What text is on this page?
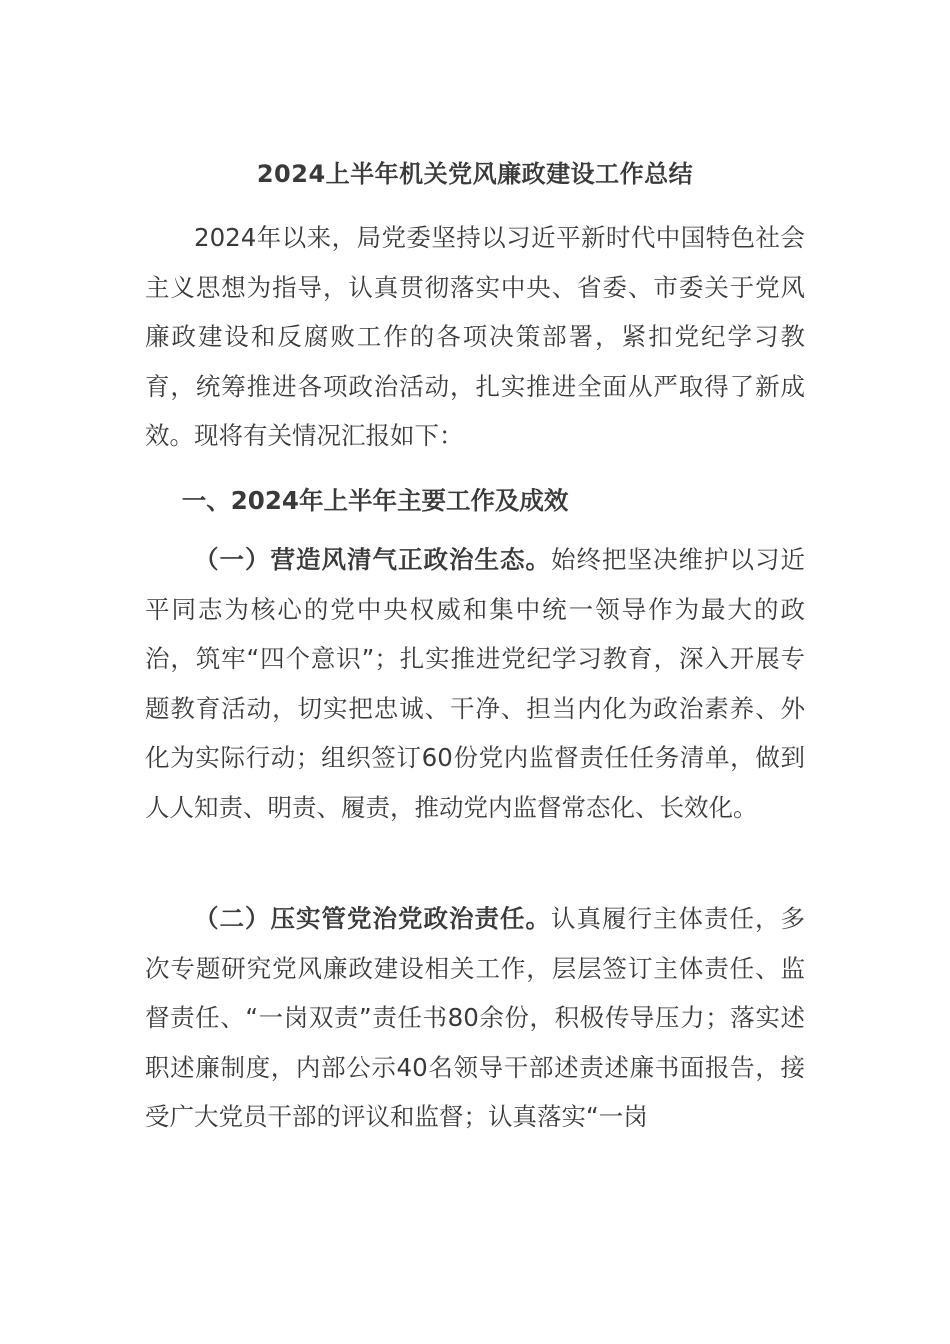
2024上半年机关党风廉政建设工作总结

2024年以来，局党委坚持以习近平新时代中国特色社会主义思想为指导，认真贯彻落实中央、省委、市委关于党风廉政建设和反腐败工作的各项决策部署，紧扣党纪学习教育，统筹推进各项政治活动，扎实推进全面从严取得了新成效。现将有关情况汇报如下：

一、2024年上半年主要工作及成效

（一）营造风清气正政治生态。始终把坚决维护以习近平同志为核心的党中央权威和集中统一领导作为最大的政治，筑牢“四个意识”；扎实推进党纪学习教育，深入开展专题教育活动，切实把忠诚、干净、担当内化为政治素养、外化为实际行动；组织签订60份党内监督责任任务清单，做到人人知责、明责、履责，推动党内监督常态化、长效化。

（二）压实管党治党政治责任。认真履行主体责任，多次专题研究党风廉政建设相关工作，层层签订主体责任、监督责任、“一岗双责”责任书80余份，积极传导压力；落实述职述廉制度，内部公示40名领导干部述责述廉书面报告，接受广大党员干部的评议和监督；认真落实“一岗
